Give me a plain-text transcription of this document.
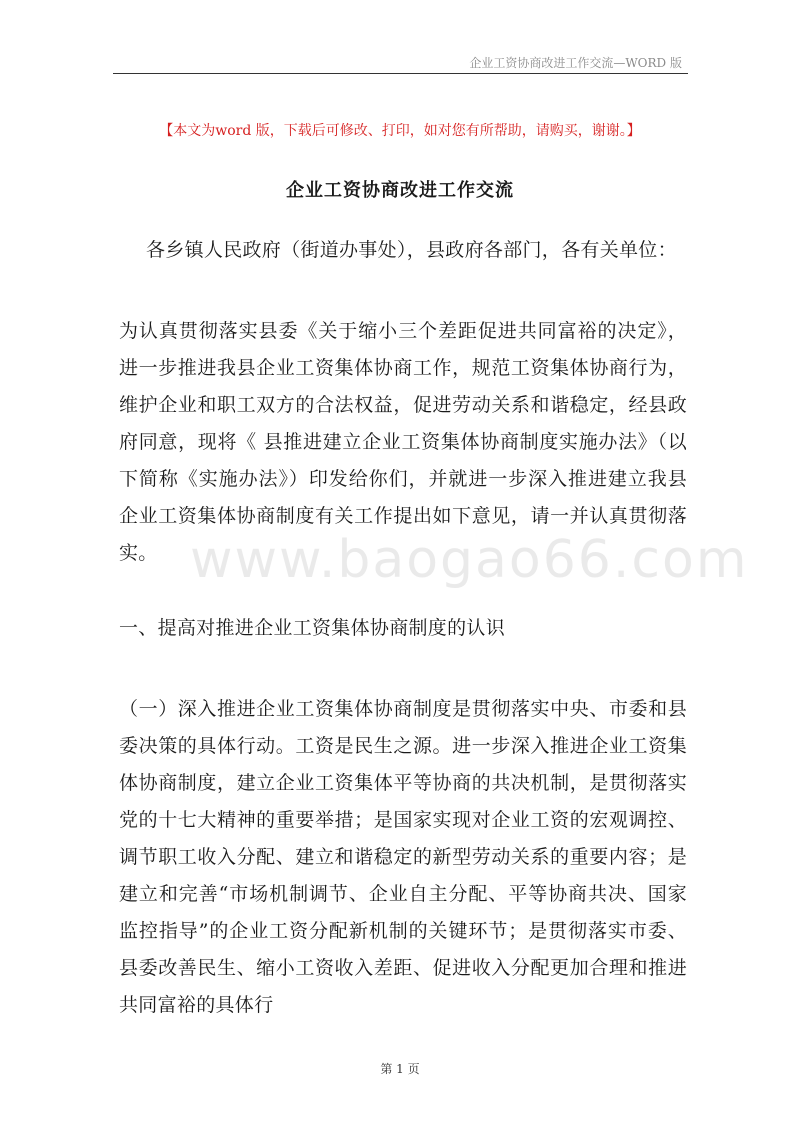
企业工资协商改进工作交流—WORD 版
【本文为word 版，下载后可修改、打印，如对您有所帮助，请购买，谢谢。】
企业工资协商改进工作交流
各乡镇人民政府（街道办事处），县政府各部门，各有关单位：
为认真贯彻落实县委《关于缩小三个差距促进共同富裕的决定》，进一步推进我县企业工资集体协商工作，规范工资集体协商行为，维护企业和职工双方的合法权益，促进劳动关系和谐稳定，经县政府同意，现将《 县推进建立企业工资集体协商制度实施办法》（以下简称《实施办法》）印发给你们，并就进一步深入推进建立我县企业工资集体协商制度有关工作提出如下意见，请一并认真贯彻落实。
一、提高对推进企业工资集体协商制度的认识
（一）深入推进企业工资集体协商制度是贯彻落实中央、市委和县委决策的具体行动。工资是民生之源。进一步深入推进企业工资集体协商制度，建立企业工资集体平等协商的共决机制，是贯彻落实党的十七大精神的重要举措；是国家实现对企业工资的宏观调控、调节职工收入分配、建立和谐稳定的新型劳动关系的重要内容；是建立和完善“市场机制调节、企业自主分配、平等协商共决、国家监控指导”的企业工资分配新机制的关键环节；是贯彻落实市委、县委改善民生、缩小工资收入差距、促进收入分配更加合理和推进共同富裕的具体行
www.baogao66.com
第 1 页
